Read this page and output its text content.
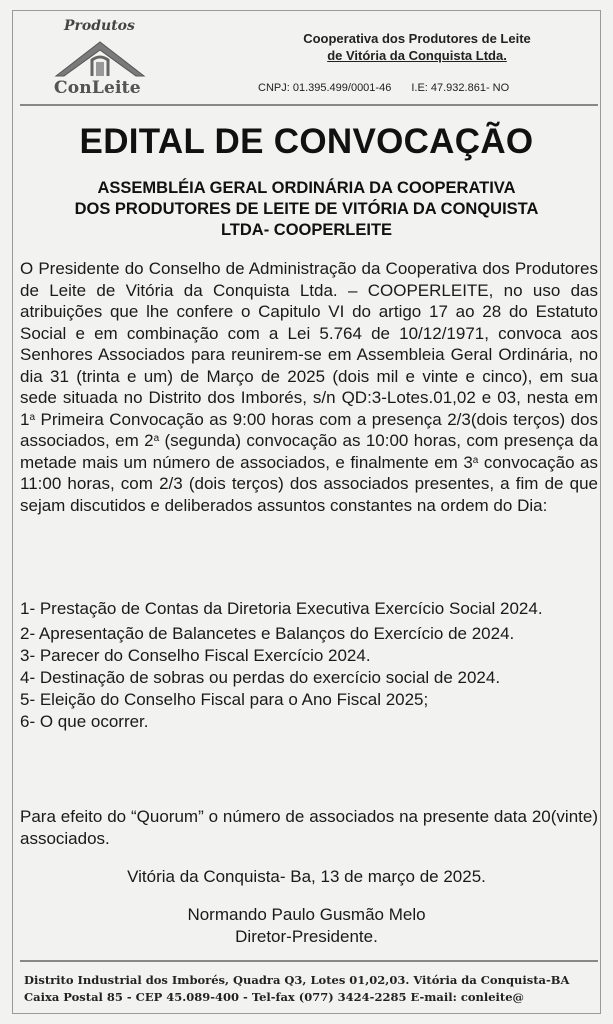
Produtos
ConLeite
Cooperativa dos Produtores de Leite
de Vitória da Conquista Ltda.
CNPJ: 01.395.499/0001-46 I.E: 47.932.861- NO
EDITAL DE CONVOCAÇÃO
ASSEMBLÉIA GERAL ORDINÁRIA DA COOPERATIVA
DOS PRODUTORES DE LEITE DE VITÓRIA DA CONQUISTA
LTDA- COOPERLEITE
O Presidente do Conselho de Administração da Cooperativa dos Produtores de Leite de Vitória da Conquista Ltda. – COOPERLEITE, no uso das atribuições que lhe confere o Capitulo VI do artigo 17 ao 28 do Estatuto Social e em combinação com a Lei 5.764 de 10/12/1971, convoca aos Senhores Associados para reunirem-se em Assembleia Geral Ordinária, no dia 31 (trinta e um) de Março de 2025 (dois mil e vinte e cinco), em sua sede situada no Distrito dos Imborés, s/n QD:3-Lotes.01,02 e 03, nesta em 1$^a$ Primeira Convocação as 9:00 horas com a presença 2/3(dois terços) dos associados, em 2$^a$ (segunda) convocação as 10:00 horas, com presença da metade mais um número de associados, e finalmente em 3$^a$ convocação as 11:00 horas, com 2/3 (dois terços) dos associados presentes, a fim de que sejam discutidos e deliberados assuntos constantes na ordem do Dia:
1- Prestação de Contas da Diretoria Executiva Exercício Social 2024.
2- Apresentação de Balancetes e Balanços do Exercício de 2024.
3- Parecer do Conselho Fiscal Exercício 2024.
4- Destinação de sobras ou perdas do exercício social de 2024.
5- Eleição do Conselho Fiscal para o Ano Fiscal 2025;
6- O que ocorrer.
Para efeito do “Quorum” o número de associados na presente data 20(vinte) associados.
Vitória da Conquista- Ba, 13 de março de 2025.
Normando Paulo Gusmão Melo
Diretor-Presidente.
Distrito Industrial dos Imborés, Quadra Q3, Lotes 01,02,03. Vitória da Conquista-BA
Caixa Postal 85 - CEP 45.089-400 - Tel-fax (077) 3424-2285 E-mail: conleite@
